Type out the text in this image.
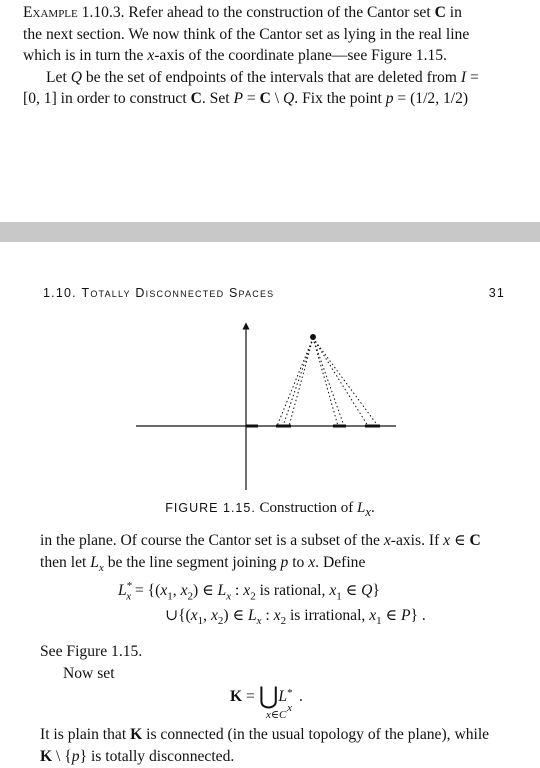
Example 1.10.3. Refer ahead to the construction of the Cantor set C in

the next section. We now think of the Cantor set as lying in the real line

which is in turn the x-axis of the coordinate plane—see Figure 1.15.

Let Q be the set of endpoints of the intervals that are deleted from I =

[0, 1] in order to construct C. Set P = C \ Q. Fix the point p = (1/2, 1/2)

1.10. Totally Disconnected Spaces	31
FIGURE 1.15. Construction of $L_x$.

in the plane. Of course the Cantor set is a subset of the x-axis. If x ∈ C

then let $L_x$ be the line segment joining p to x. Define

$L^*_x = \{(x_1$, $x_2$) ∈ $L_x$ : $x_2$ is rational, $x_1$ ∈ Q}
$\cup\{(x_1$, $x_2$) ∈ $L_x$ : $x_2$ is irrational, $x_1$ ∈ P} .

See Figure 1.15.

Now set

K = ⋃L *
x
.
x∈C

It is plain that K is connected (in the usual topology of the plane), while

K \ {p} is totally disconnected.
